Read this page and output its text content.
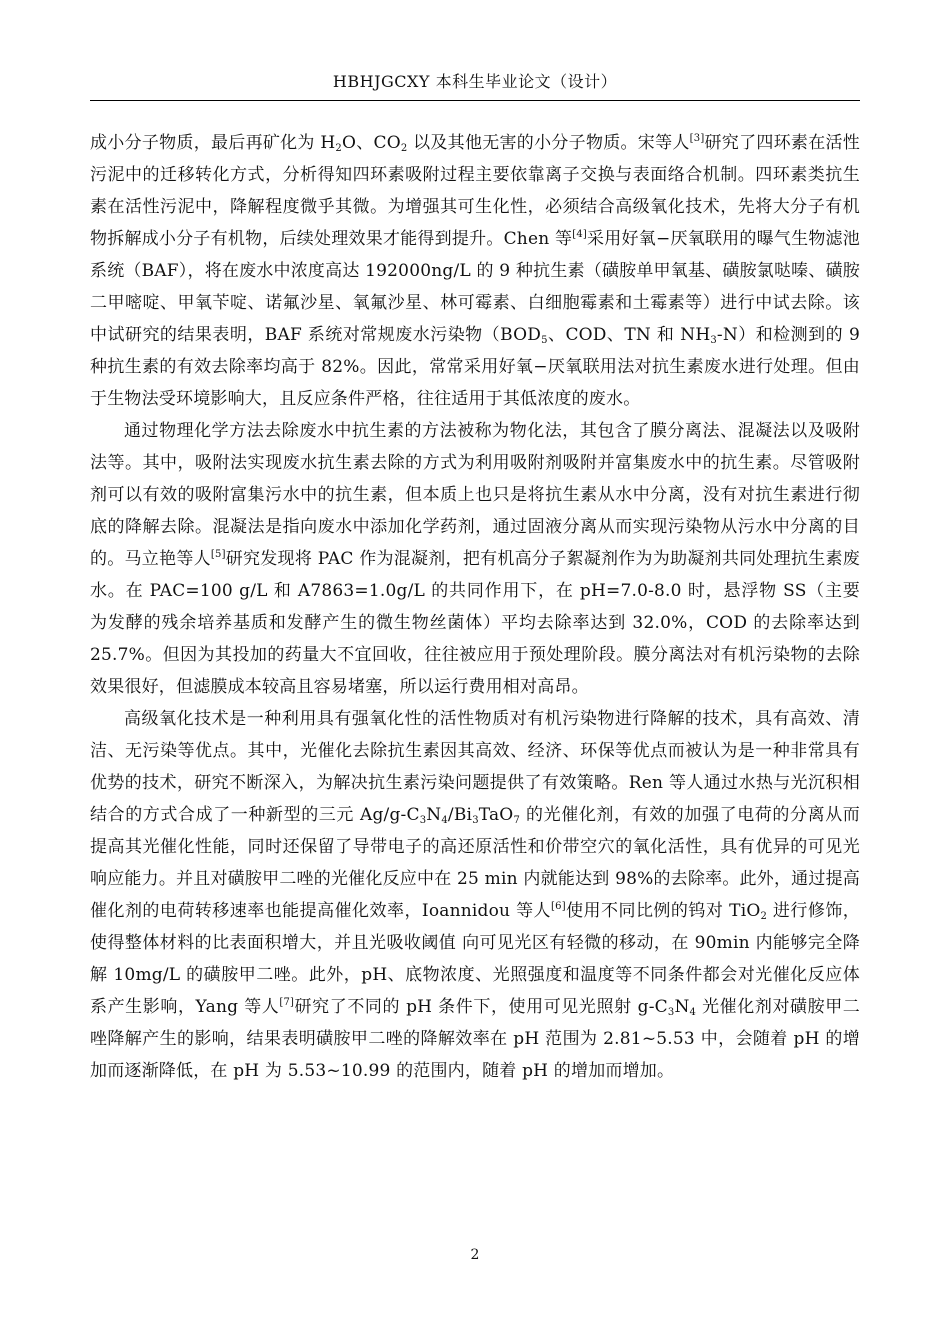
HBHJGCXY 本科生毕业论文（设计）

成小分子物质，最后再矿化为 $H_2O$、$CO_2$ 以及其他无害的小分子物质。宋等人[3]研究了四环素在活性污泥中的迁移转化方式，分析得知四环素吸附过程主要依靠离子交换与表面络合机制。四环素类抗生素在活性污泥中，降解程度微乎其微。为增强其可生化性，必须结合高级氧化技术，先将大分子有机物拆解成小分子有机物，后续处理效果才能得到提升。Chen 等[4]采用好氧−厌氧联用的曝气生物滤池系统（BAF），将在废水中浓度高达 192000ng/L 的 9 种抗生素（磺胺单甲氧基、磺胺氯哒嗪、磺胺二甲嘧啶、甲氧苄啶、诺氟沙星、氧氟沙星、林可霉素、白细胞霉素和土霉素等）进行中试去除。该中试研究的结果表明，BAF 系统对常规废水污染物（$BOD_5$、COD、TN 和 $NH_3-N$）和检测到的 9 种抗生素的有效去除率均高于 82%。因此，常常采用好氧−厌氧联用法对抗生素废水进行处理。但由于生物法受环境影响大，且反应条件严格，往往适用于其低浓度的废水。

通过物理化学方法去除废水中抗生素的方法被称为物化法，其包含了膜分离法、混凝法以及吸附法等。其中，吸附法实现废水抗生素去除的方式为利用吸附剂吸附并富集废水中的抗生素。尽管吸附剂可以有效的吸附富集污水中的抗生素，但本质上也只是将抗生素从水中分离，没有对抗生素进行彻底的降解去除。混凝法是指向废水中添加化学药剂，通过固液分离从而实现污染物从污水中分离的目的。马立艳等人[5]研究发现将 PAC 作为混凝剂，把有机高分子絮凝剂作为为助凝剂共同处理抗生素废水。在 PAC=100 g/L 和 A7863=1.0g/L 的共同作用下，在 pH=7.0-8.0 时，悬浮物 SS（主要为发酵的残余培养基质和发酵产生的微生物丝菌体）平均去除率达到 32.0%，COD 的去除率达到 25.7%。但因为其投加的药量大不宜回收，往往被应用于预处理阶段。膜分离法对有机污染物的去除效果很好，但滤膜成本较高且容易堵塞，所以运行费用相对高昂。

高级氧化技术是一种利用具有强氧化性的活性物质对有机污染物进行降解的技术，具有高效、清洁、无污染等优点。其中，光催化去除抗生素因其高效、经济、环保等优点而被认为是一种非常具有优势的技术，研究不断深入，为解决抗生素污染问题提供了有效策略。Ren 等人通过水热与光沉积相结合的方式合成了一种新型的三元 $Ag/g-C_3N_4/Bi_3TaO_7$ 的光催化剂，有效的加强了电荷的分离从而提高其光催化性能，同时还保留了导带电子的高还原活性和价带空穴的氧化活性，具有优异的可见光响应能力。并且对磺胺甲二唑的光催化反应中在 25 min 内就能达到 98%的去除率。此外，通过提高催化剂的电荷转移速率也能提高催化效率，Ioannidou 等人[6]使用不同比例的钨对 TiO$_2$ 进行修饰，使得整体材料的比表面积增大，并且光吸收阈值 向可见光区有轻微的移动，在 90min 内能够完全降解 10mg/L 的磺胺甲二唑。此外，pH、底物浓度、光照强度和温度等不同条件都会对光催化反应体系产生影响，Yang 等人[7]研究了不同的 pH 条件下，使用可见光照射 $g-C_3N_4$ 光催化剂对磺胺甲二唑降解产生的影响，结果表明磺胺甲二唑的降解效率在 pH 范围为 2.81~5.53 中，会随着 pH 的增加而逐渐降低，在 pH 为 5.53~10.99 的范围内，随着 pH 的增加而增加。

2
